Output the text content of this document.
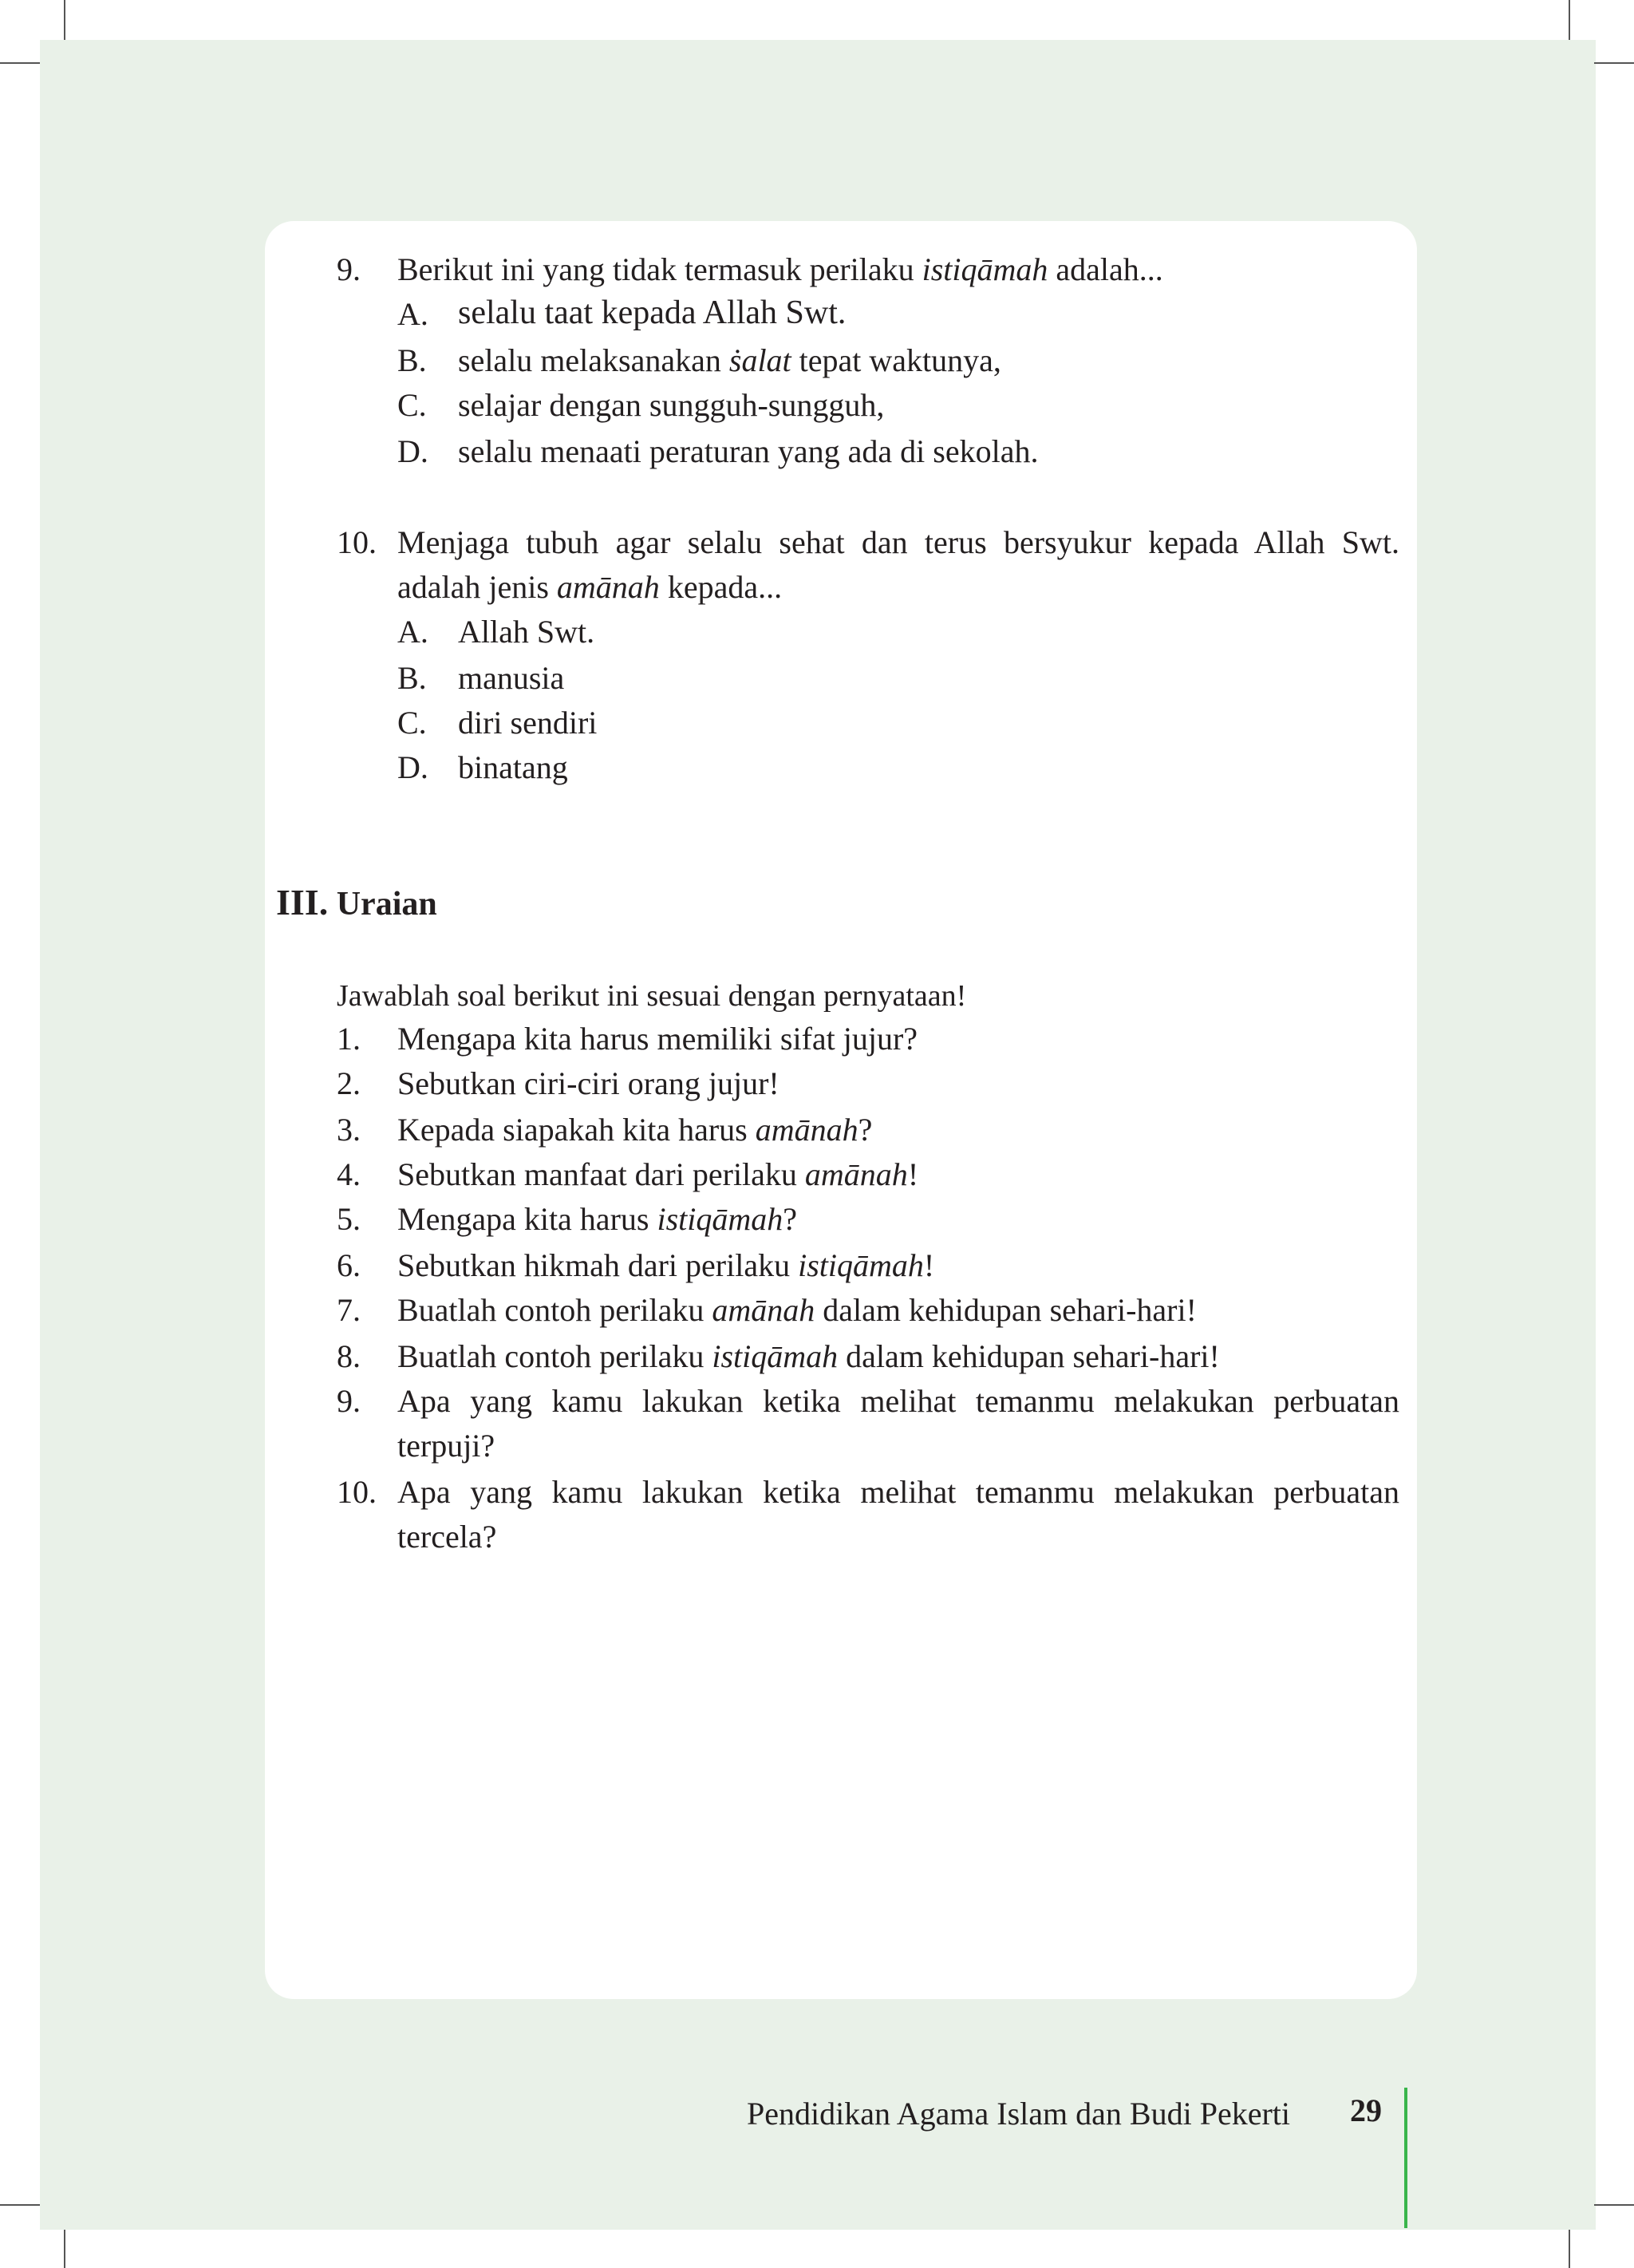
9. Berikut ini yang tidak termasuk perilaku istiqāmah adalah...
A. selalu taat kepada Allah Swt.
B. selalu melaksanakan ṡalat tepat waktunya,
C. selajar dengan sungguh-sungguh,
D. selalu menaati peraturan yang ada di sekolah.
10. Menjaga tubuh agar selalu sehat dan terus bersyukur kepada Allah Swt.
adalah jenis amānah kepada...
A. Allah Swt.
B. manusia
C. diri sendiri
D. binatang
III. Uraian
Jawablah soal berikut ini sesuai dengan pernyataan!
1. Mengapa kita harus memiliki sifat jujur?
2. Sebutkan ciri-ciri orang jujur!
3. Kepada siapakah kita harus amānah?
4. Sebutkan manfaat dari perilaku amānah!
5. Mengapa kita harus istiqāmah?
6. Sebutkan hikmah dari perilaku istiqāmah!
7. Buatlah contoh perilaku amānah dalam kehidupan sehari-hari!
8. Buatlah contoh perilaku istiqāmah dalam kehidupan sehari-hari!
9. Apa yang kamu lakukan ketika melihat temanmu melakukan perbuatan
terpuji?
10. Apa yang kamu lakukan ketika melihat temanmu melakukan perbuatan
tercela?
Pendidikan Agama Islam dan Budi Pekerti 29
